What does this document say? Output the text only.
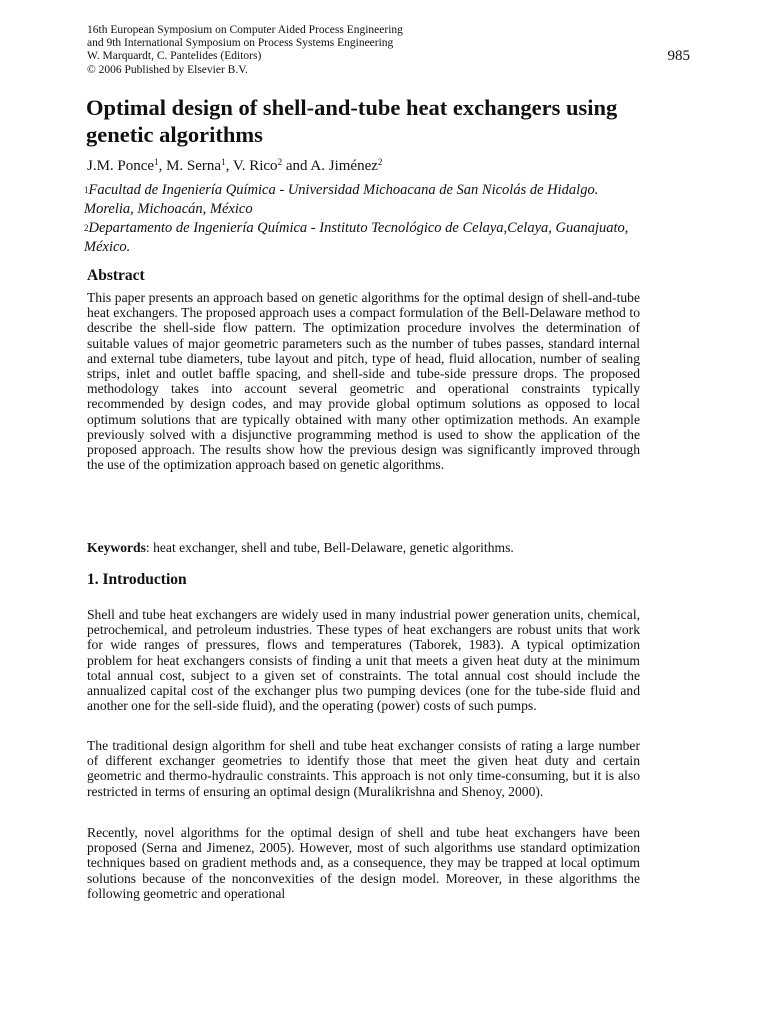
16th European Symposium on Computer Aided Process Engineering
and 9th International Symposium on Process Systems Engineering
W. Marquardt, C. Pantelides (Editors)
© 2006 Published by Elsevier B.V.
985
Optimal design of shell-and-tube heat exchangers using genetic algorithms
J.M. Ponce$^1$, M. Serna$^1$, V. Rico$^2$ and A. Jiménez$^2$
$^1$Facultad de Ingeniería Química - Universidad Michoacana de San Nicolás de Hidalgo. Morelia, Michoacán, México
$^2$Departamento de Ingeniería Química - Instituto Tecnológico de Celaya,Celaya, Guanajuato, México.
Abstract

This paper presents an approach based on genetic algorithms for the optimal design of shell-and-tube heat exchangers. The proposed approach uses a compact formulation of the Bell-Delaware method to describe the shell-side flow pattern. The optimization procedure involves the determination of suitable values of major geometric parameters such as the number of tubes passes, standard internal and external tube diameters, tube layout and pitch, type of head, fluid allocation, number of sealing strips, inlet and outlet baffle spacing, and shell-side and tube-side pressure drops. The proposed methodology takes into account several geometric and operational constraints typically recommended by design codes, and may provide global optimum solutions as opposed to local optimum solutions that are typically obtained with many other optimization methods. An example previously solved with a disjunctive programming method is used to show the application of the proposed approach. The results show how the previous design was significantly improved through the use of the optimization approach based on genetic algorithms.

Keywords: heat exchanger, shell and tube, Bell-Delaware, genetic algorithms.

1. Introduction

Shell and tube heat exchangers are widely used in many industrial power generation units, chemical, petrochemical, and petroleum industries. These types of heat exchangers are robust units that work for wide ranges of pressures, flows and temperatures (Taborek, 1983). A typical optimization problem for heat exchangers consists of finding a unit that meets a given heat duty at the minimum total annual cost, subject to a given set of constraints. The total annual cost should include the annualized capital cost of the exchanger plus two pumping devices (one for the tube-side fluid and another one for the sell-side fluid), and the operating (power) costs of such pumps.

The traditional design algorithm for shell and tube heat exchanger consists of rating a large number of different exchanger geometries to identify those that meet the given heat duty and certain geometric and thermo-hydraulic constraints. This approach is not only time-consuming, but it is also restricted in terms of ensuring an optimal design (Muralikrishna and Shenoy, 2000).

Recently, novel algorithms for the optimal design of shell and tube heat exchangers have been proposed (Serna and Jimenez, 2005). However, most of such algorithms use standard optimization techniques based on gradient methods and, as a consequence, they may be trapped at local optimum solutions because of the nonconvexities of the design model. Moreover, in these algorithms the following geometric and operational
